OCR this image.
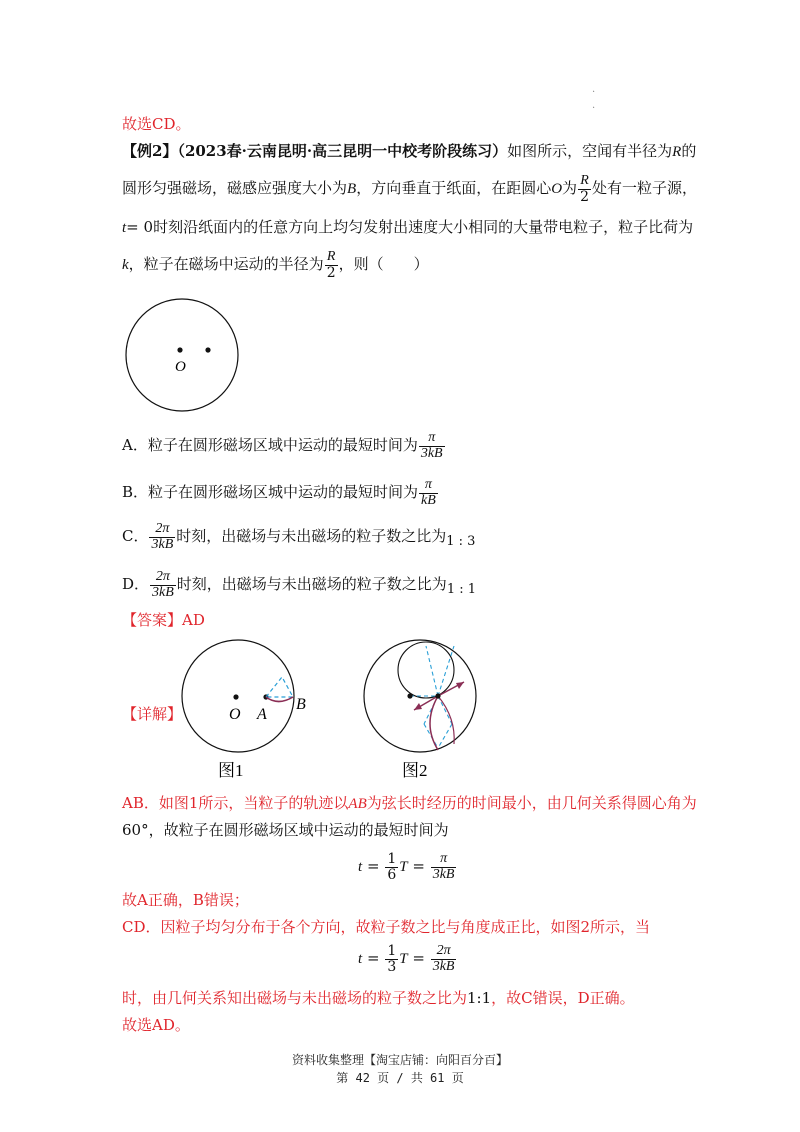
.
.
故选CD。
【例2】（2023春·云南昆明·高三昆明一中校考阶段练习）如图所示，空闻有半径为R的
圆形匀强磁场，磁感应强度大小为B，方向垂直于纸面，在距圆心O为 $\frac{R}{2}$ 处有一粒子源，
t= 0时刻沿纸面内的任意方向上均匀发射出速度大小相同的大量带电粒子，粒子比荷为
k，粒子在磁场中运动的半径为 $\frac{R}{2}$ ，则（　　）
O
A．粒子在圆形磁场区域中运动的最短时间为 $\frac{\pi}{3kB}$
B．粒子在圆形磁场区城中运动的最短时间为 $\frac{\pi}{kB}$
C． $\frac{2\pi}{3kB}$ 时刻，出磁场与未出磁场的粒子数之比为1 : 3
D． $\frac{2\pi}{3kB}$ 时刻，出磁场与未出磁场的粒子数之比为1 : 1
【答案】AD
【详解】	O A
B
图1	图2
AB．如图1所示，当粒子的轨迹以AB为弦长时经历的时间最小，由几何关系得圆心角为
60°，故粒子在圆形磁场区域中运动的最短时间为
$t = \frac{1}{6}$ $T = \frac{\pi}{3kB}$
故A正确，B错误；
CD．因粒子均匀分布于各个方向，故粒子数之比与角度成正比，如图2所示，当
$t = \frac{1}{3}$ $T = \frac{2\pi}{3kB}$
时，由几何关系知出磁场与未出磁场的粒子数之比为1:1，故C错误，D正确。
故选AD。
资料收集整理【淘宝店铺：向阳百分百】
第 42 页 / 共 61 页
